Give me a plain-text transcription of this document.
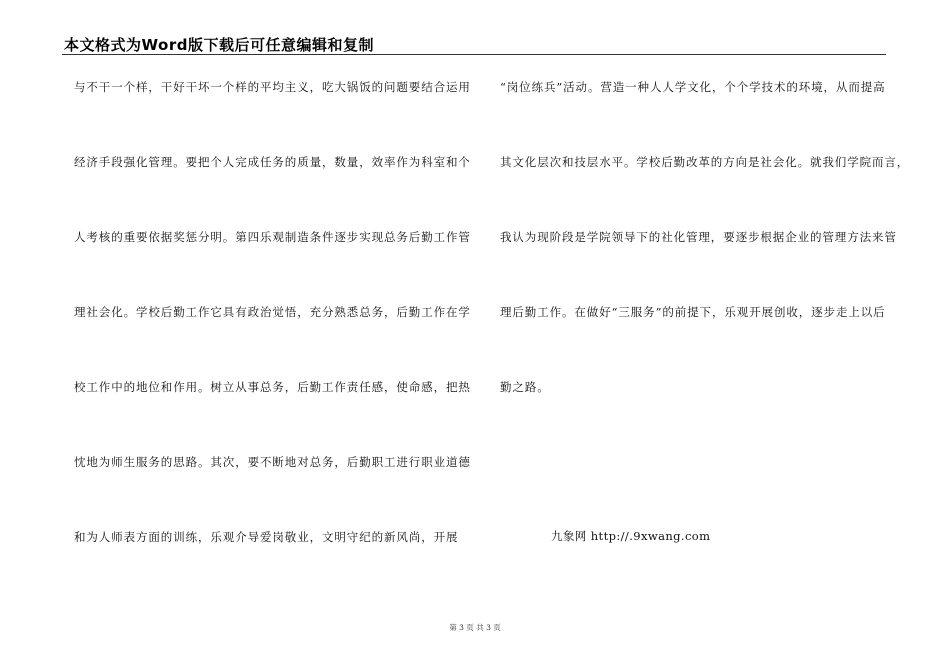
本文格式为Word版下载后可任意编辑和复制
与不干一个样，干好干坏一个样的平均主义，吃大锅饭的问题要结合运用
经济手段强化管理。要把个人完成任务的质量，数量，效率作为科室和个
人考核的重要依据奖惩分明。第四乐观制造条件逐步实现总务后勤工作管
理社会化。学校后勤工作它具有政治觉悟，充分熟悉总务，后勤工作在学
校工作中的地位和作用。树立从事总务，后勤工作责任感，使命感，把热
忱地为师生服务的思路。其次，要不断地对总务，后勤职工进行职业道德
和为人师表方面的训练，乐观介导爱岗敬业，文明守纪的新风尚，开展
“岗位练兵”活动。营造一种人人学文化，个个学技术的环境，从而提高
其文化层次和技层水平。学校后勤改革的方向是社会化。就我们学院而言，
我认为现阶段是学院领导下的社化管理，要逐步根据企业的管理方法来管
理后勤工作。在做好“三服务”的前提下，乐观开展创收，逐步走上以后
勤之路。
九象网 http://.9xwang.com
第 3 页 共 3 页
